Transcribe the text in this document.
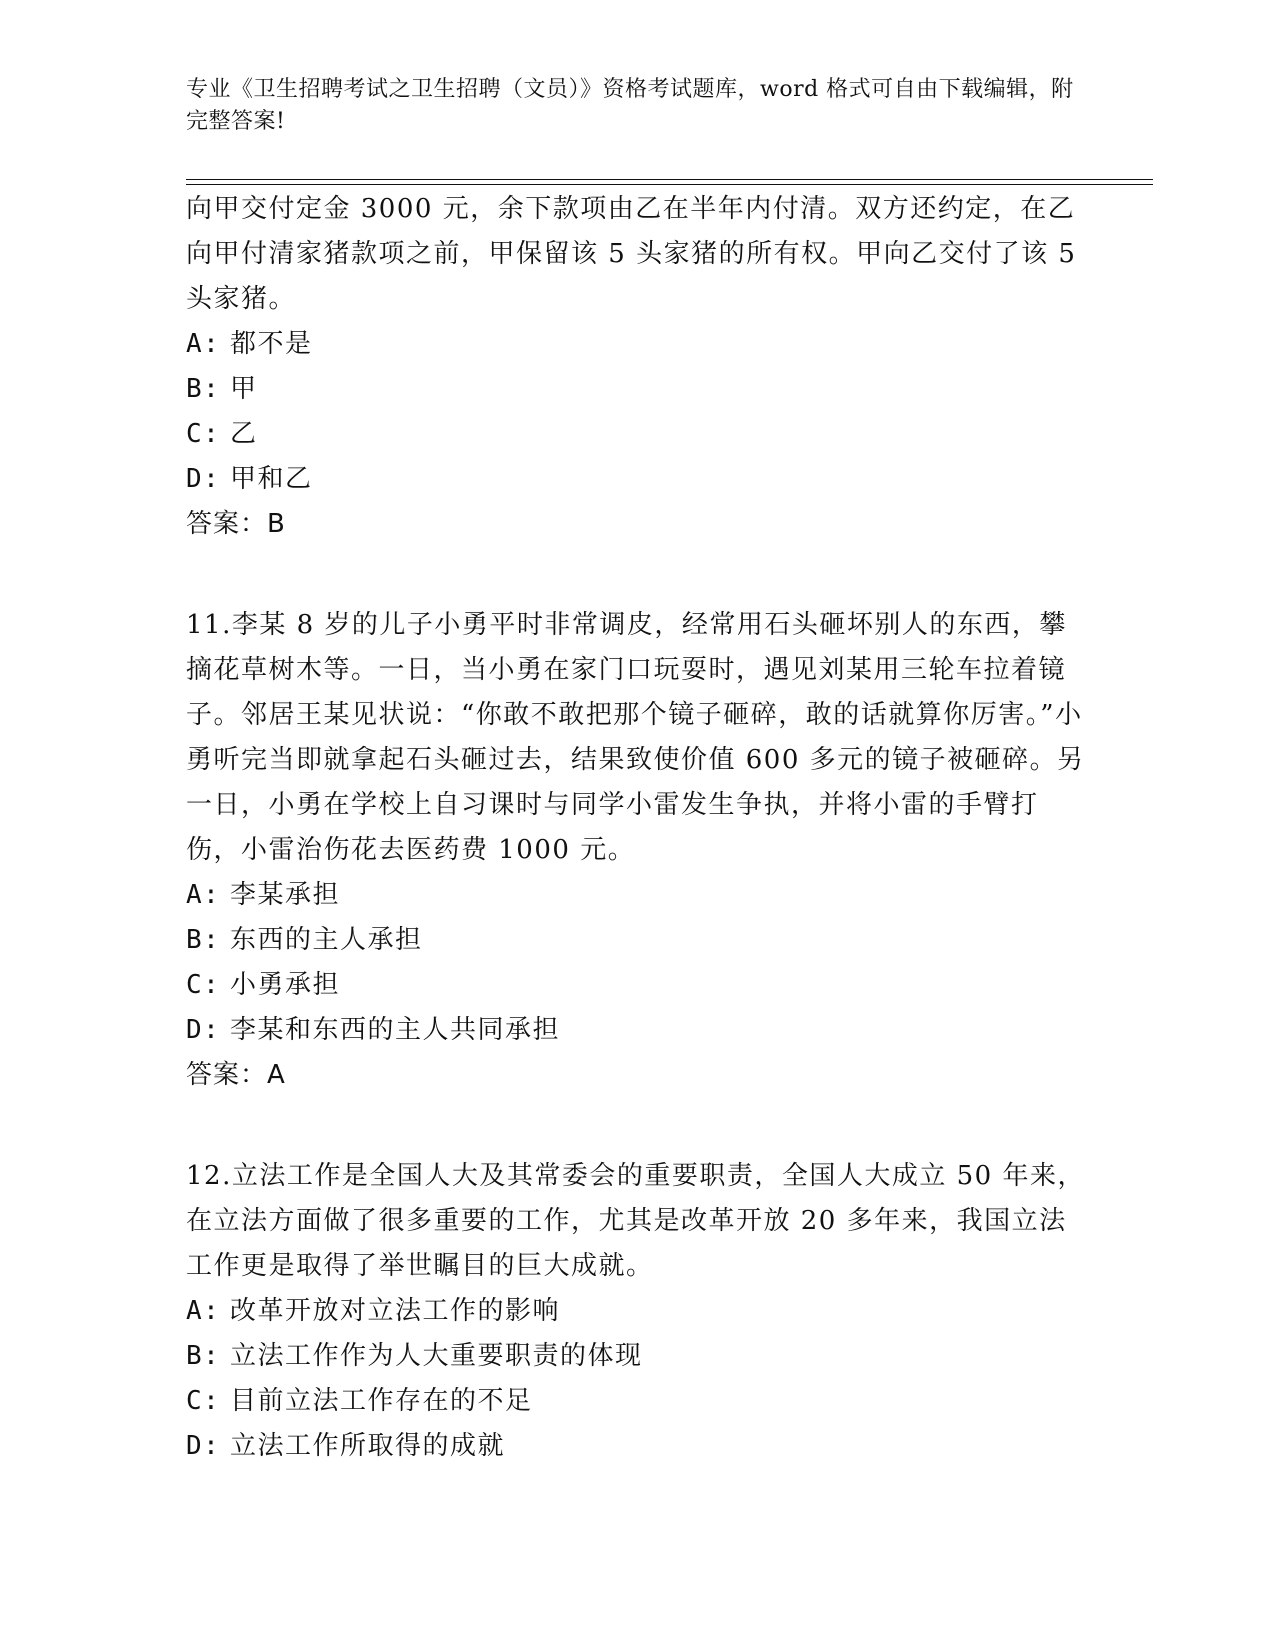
专业《卫生招聘考试之卫生招聘（文员）》资格考试题库，word 格式可自由下载编辑，附完整答案!
向甲交付定金 3000 元，余下款项由乙在半年内付清。双方还约定，在乙向甲付清家猪款项之前，甲保留该 5 头家猪的所有权。甲向乙交付了该 5 头家猪。
A: 都不是
B: 甲
C: 乙
D: 甲和乙
答案：B
11.李某 8 岁的儿子小勇平时非常调皮，经常用石头砸坏别人的东西，攀摘花草树木等。一日，当小勇在家门口玩耍时，遇见刘某用三轮车拉着镜子。邻居王某见状说：“你敢不敢把那个镜子砸碎，敢的话就算你厉害。”小勇听完当即就拿起石头砸过去，结果致使价值 600 多元的镜子被砸碎。另一日，小勇在学校上自习课时与同学小雷发生争执，并将小雷的手臂打伤，小雷治伤花去医药费 1000 元。
A: 李某承担
B: 东西的主人承担
C: 小勇承担
D: 李某和东西的主人共同承担
答案：A
12.立法工作是全国人大及其常委会的重要职责，全国人大成立 50 年来，在立法方面做了很多重要的工作，尤其是改革开放 20 多年来，我国立法工作更是取得了举世瞩目的巨大成就。
A: 改革开放对立法工作的影响
B: 立法工作作为人大重要职责的体现
C: 目前立法工作存在的不足
D: 立法工作所取得的成就
